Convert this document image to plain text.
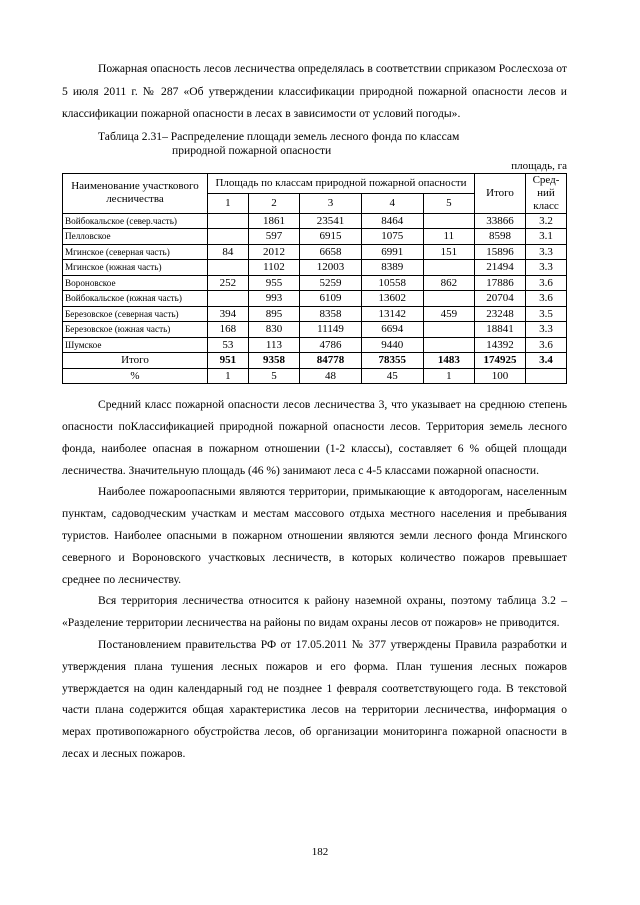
Пожарная опасность лесов лесничества определялась в соответствии сприказом Рослесхоза от 5 июля 2011 г. № 287 «Об утверждении классификации природной пожарной опасности лесов и классификации пожарной опасности в лесах в зависимости от условий погоды».

Таблица 2.31– Распределение площади земель лесного фонда по классам
природной пожарной опасности
площадь, га
Наименование участкового лесничества	Площадь по классам природной пожарной опасности					Итого	Сред-ний класс
	1	2	3	4	5		
Войбокальское (север.часть)		1861	23541	8464		33866	3.2
Пелловское		597	6915	1075	11	8598	3.1
Мгинское (северная часть)	84	2012	6658	6991	151	15896	3.3
Мгинское (южная часть)		1102	12003	8389		21494	3.3
Вороновское	252	955	5259	10558	862	17886	3.6
Войбокальское (южная часть)		993	6109	13602		20704	3.6
Березовское (северная часть)	394	895	8358	13142	459	23248	3.5
Березовское (южная часть)	168	830	11149	6694		18841	3.3
Шумское	53	113	4786	9440		14392	3.6
Итого	951	9358	84778	78355	1483	174925	3.4
%	1	5	48	45	1	100	

Средний класс пожарной опасности лесов лесничества 3, что указывает на среднюю степень опасности поКлассификацией природной пожарной опасности лесов. Территория земель лесного фонда, наиболее опасная в пожарном отношении (1-2 классы), составляет 6 % общей площади лесничества. Значительную площадь (46 %) занимают леса с 4-5 классами пожарной опасности.

Наиболее пожароопасными являются территории, примыкающие к автодорогам, населенным пунктам, садоводческим участкам и местам массового отдыха местного населения и пребывания туристов. Наиболее опасными в пожарном отношении являются земли лесного фонда Мгинского северного и Вороновского участковых лесничеств, в которых количество пожаров превышает среднее по лесничеству.

Вся территория лесничества относится к району наземной охраны, поэтому таблица 3.2 – «Разделение территории лесничества на районы по видам охраны лесов от пожаров» не приводится.

Постановлением правительства РФ от 17.05.2011 № 377 утверждены Правила разработки и утверждения плана тушения лесных пожаров и его форма. План тушения лесных пожаров утверждается на один календарный год не позднее 1 февраля соответствующего года. В текстовой части плана содержится общая характеристика лесов на территории лесничества, информация о мерах противопожарного обустройства лесов, об организации мониторинга пожарной опасности в лесах и лесных пожаров.

182
